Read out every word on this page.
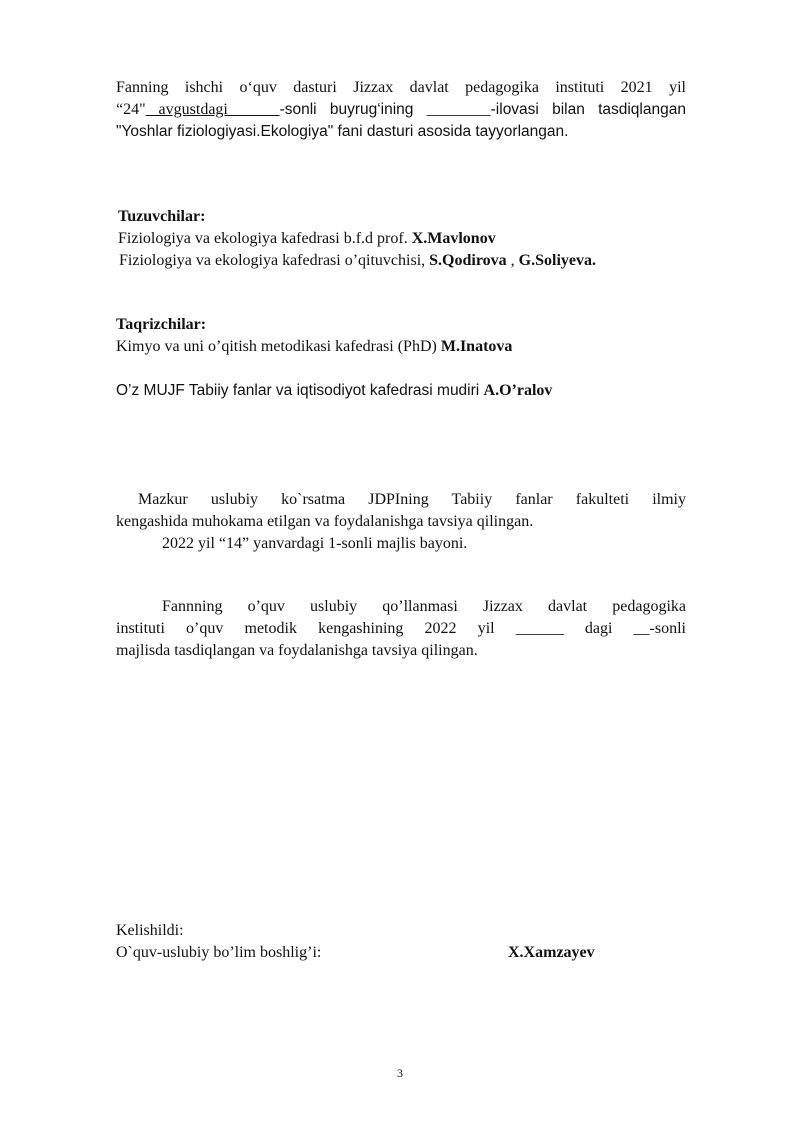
Fanning ishchi o‘quv dasturi Jizzax davlat pedagogika instituti 2021 yil
“24" avgustdagi    -sonli buyrug‘ining ________-ilovasi bilan tasdiqlangan
"Yoshlar fiziologiyasi.Ekologiya" fani dasturi asosida tayyorlangan.
Tuzuvchilar:
Fiziologiya va ekologiya kafedrasi b.f.d prof. X.Mavlonov
Fiziologiya va ekologiya kafedrasi o’qituvchisi, S.Qodirova , G.Soliyeva.
Taqrizchilar:
Kimyo va uni o’qitish metodikasi kafedrasi (PhD) M.Inatova
O’z MUJF Tabiiy fanlar va iqtisodiyot kafedrasi mudiri A.O’ralov
Mazkur uslubiy ko`rsatma JDPIning Tabiiy fanlar fakulteti ilmiy
kengashida muhokama etilgan va foydalanishga tavsiya qilingan.
2022 yil “14” yanvardagi 1-sonli majlis bayoni.
Fannning o’quv uslubiy qo’llanmasi Jizzax davlat pedagogika
instituti o’quv metodik kengashining 2022 yil ______ dagi __-sonli
majlisda tasdiqlangan va foydalanishga tavsiya qilingan.
Kelishildi:
O`quv-uslubiy bo’lim boshlig’i:	X.Xamzayev
3
